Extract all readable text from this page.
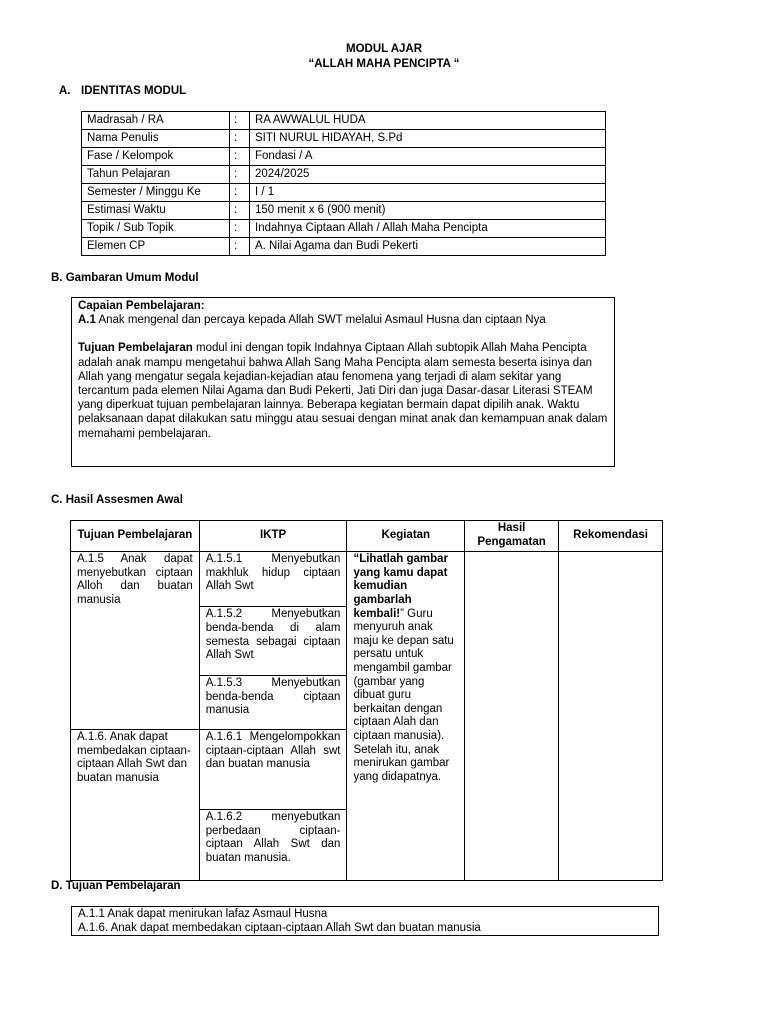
MODUL AJAR
“ALLAH MAHA PENCIPTA “
A. IDENTITAS MODUL
Madrasah / RA	:	RA AWWALUL HUDA
Nama Penulis	:	SITI NURUL HIDAYAH, S.Pd
Fase / Kelompok	:	Fondasi / A
Tahun Pelajaran	:	2024/2025
Semester / Minggu Ke	:	I / 1
Estimasi Waktu	:	150 menit x 6 (900 menit)
Topik / Sub Topik	:	Indahnya Ciptaan Allah / Allah Maha Pencipta
Elemen CP	:	A. Nilai Agama dan Budi Pekerti
B. Gambaran Umum Modul

Capaian Pembelajaran:

A.1 Anak mengenal dan percaya kepada Allah SWT melalui Asmaul Husna dan ciptaan Nya

Tujuan Pembelajaran modul ini dengan topik Indahnya Ciptaan Allah subtopik Allah Maha Pencipta adalah anak mampu mengetahui bahwa Allah Sang Maha Pencipta alam semesta beserta isinya dan Allah yang mengatur segala kejadian-kejadian atau fenomena yang terjadi di alam sekitar yang tercantum pada elemen Nilai Agama dan Budi Pekerti, Jati Diri dan juga Dasar-dasar Literasi STEAM yang diperkuat tujuan pembelajaran lainnya. Beberapa kegiatan bermain dapat dipilih anak. Waktu pelaksanaan dapat dilakukan satu minggu atau sesuai dengan minat anak dan kemampuan anak dalam memahami pembelajaran.

C. Hasil Assesmen Awal
Tujuan Pembelajaran	IKTP	Kegiatan	Hasil Pengamatan	Rekomendasi
A.1.5 Anak dapat menyebutkan ciptaan Alloh dan buatan manusia	A.1.5.1 Menyebutkan makhluk hidup ciptaan Allah Swt	“Lihatlah gambar yang kamu dapat kemudian gambarlah kembali!” Guru menyuruh anak maju ke depan satu persatu untuk mengambil gambar (gambar yang dibuat guru berkaitan dengan ciptaan Alah dan ciptaan manusia). Setelah itu, anak menirukan gambar yang didapatnya.		
	A.1.5.2 Menyebutkan benda-benda di alam semesta sebagai ciptaan Allah Swt			
	A.1.5.3 Menyebutkan benda-benda ciptaan manusia			
A.1.6. Anak dapat membedakan ciptaan-ciptaan Allah Swt dan buatan manusia	A.1.6.1 Mengelompokkan ciptaan-ciptaan Allah swt dan buatan manusia			
	A.1.6.2 menyebutkan perbedaan ciptaan-ciptaan Allah Swt dan buatan manusia.			
D. Tujuan Pembelajaran

A.1.1 Anak dapat menirukan lafaz Asmaul Husna

A.1.6. Anak dapat membedakan ciptaan-ciptaan Allah Swt dan buatan manusia
